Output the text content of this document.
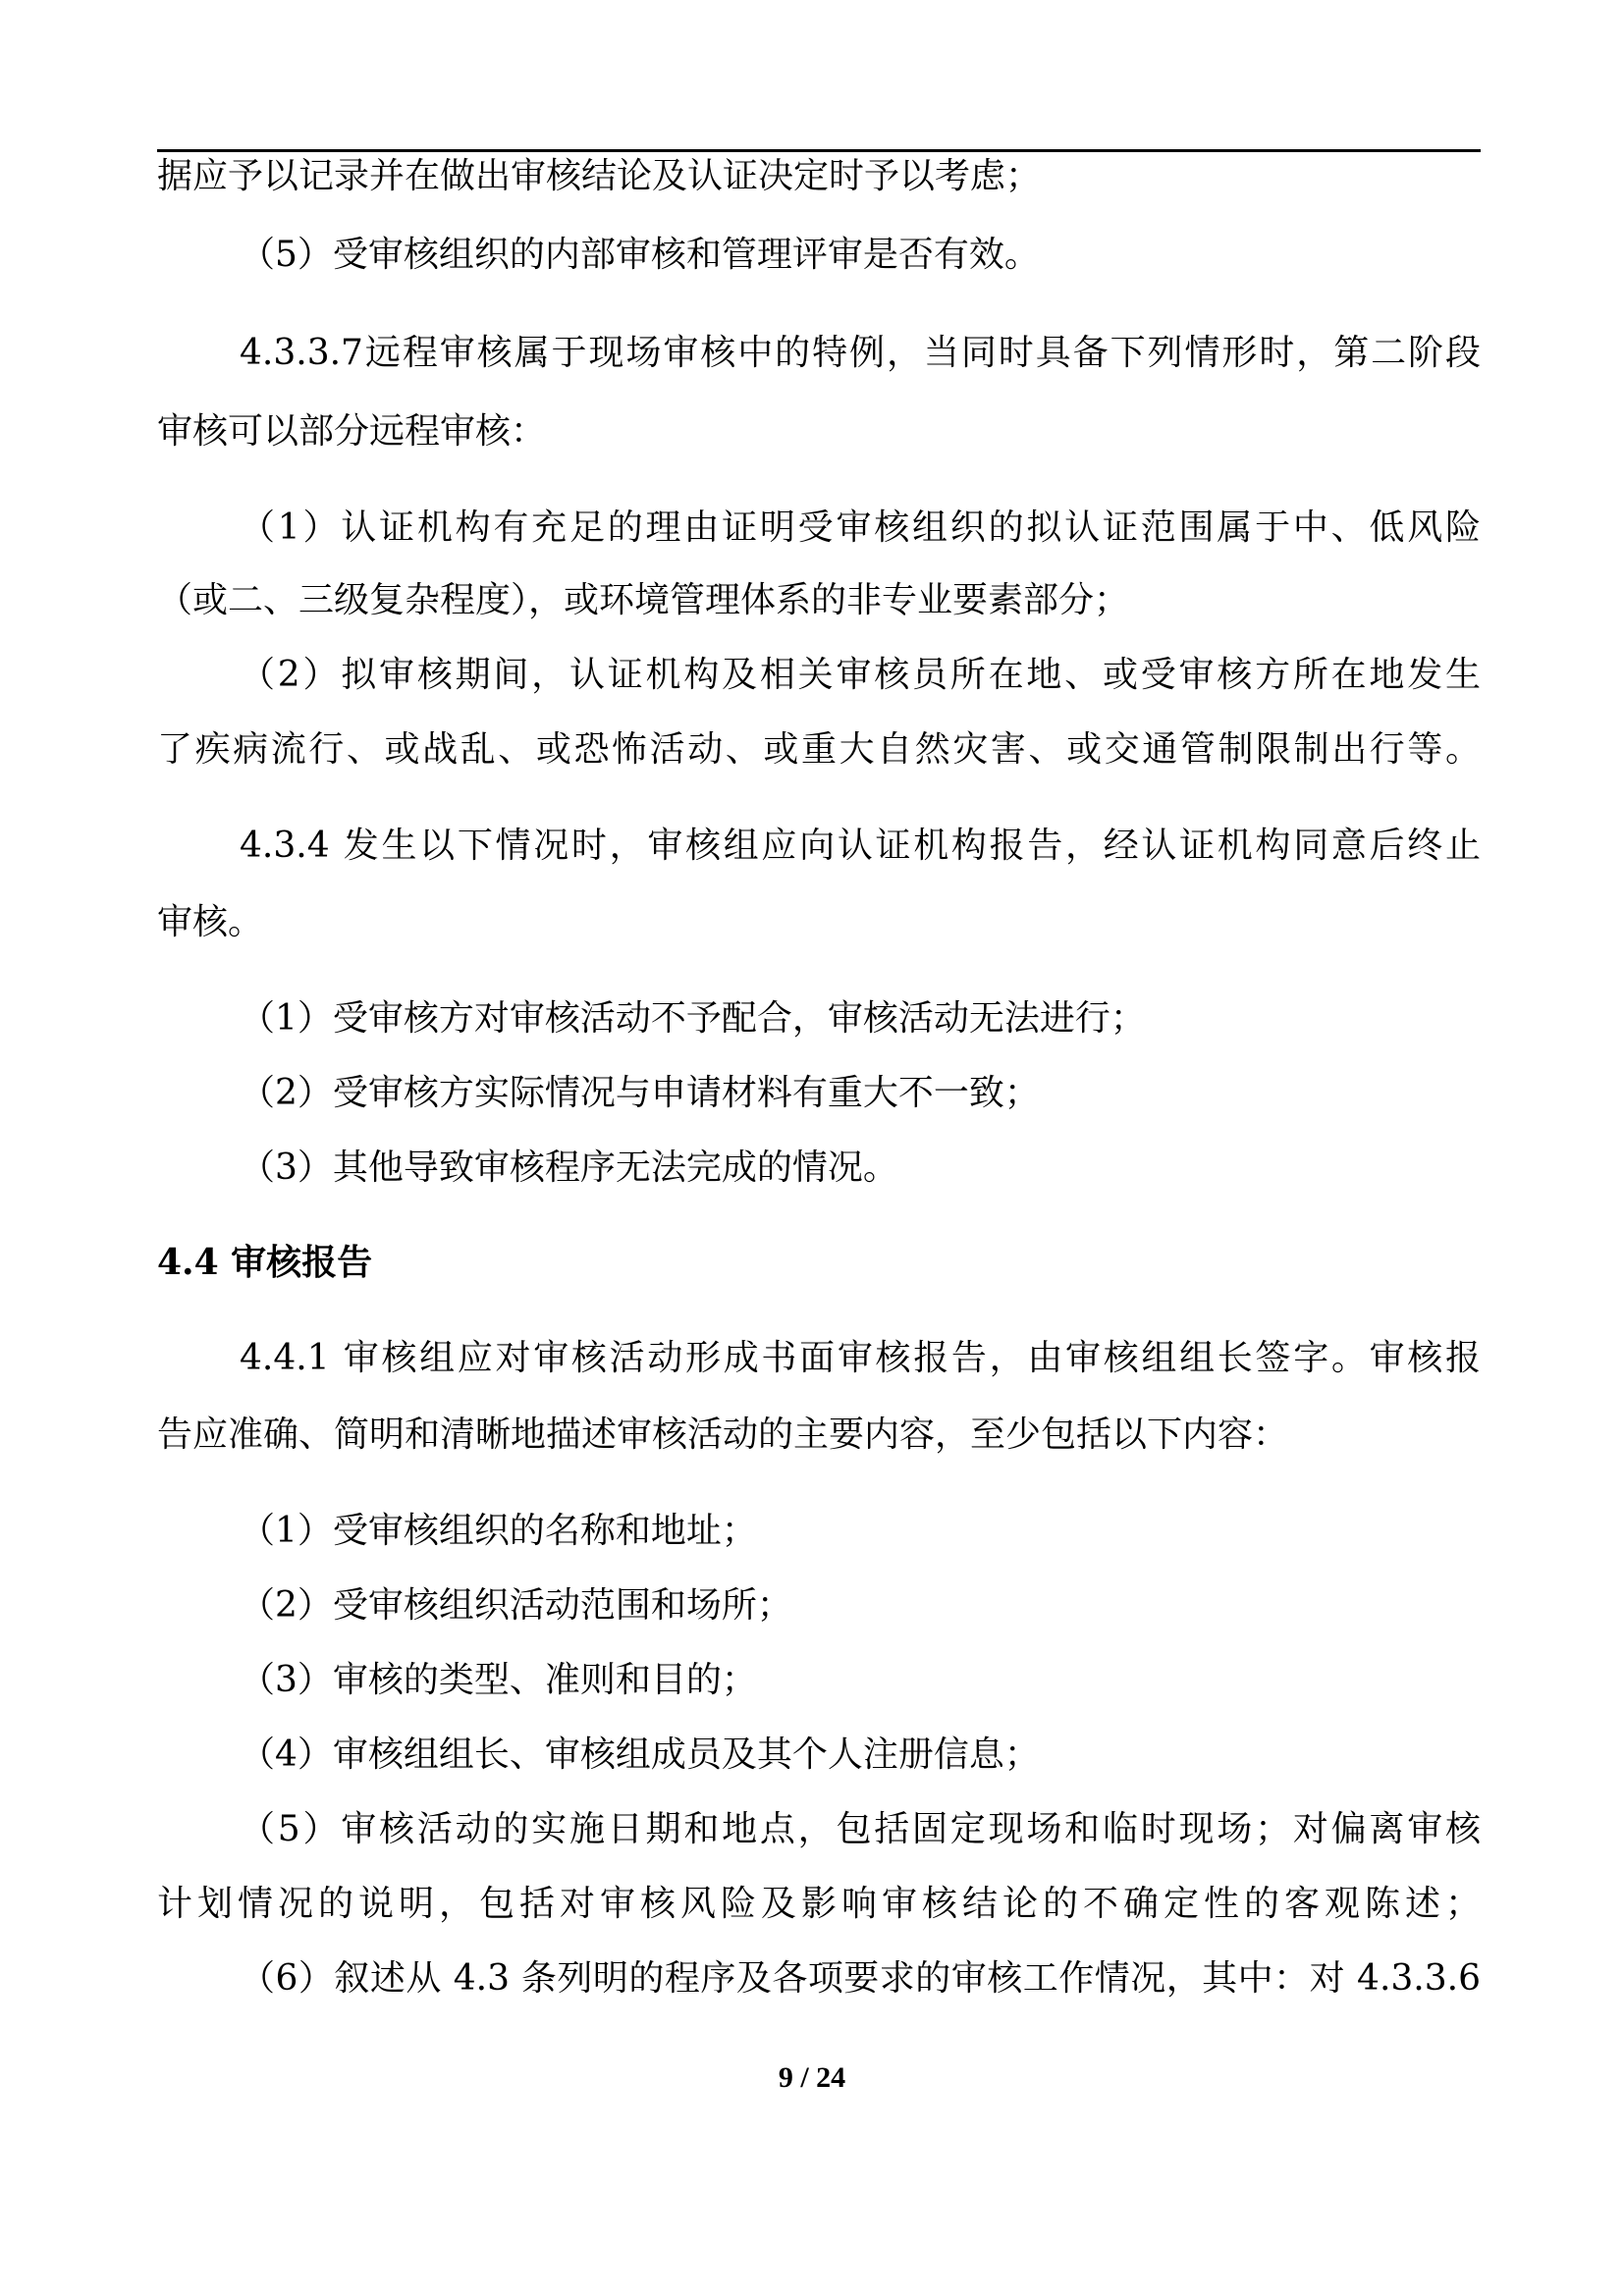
据应予以记录并在做出审核结论及认证决定时予以考虑；
（5）受审核组织的内部审核和管理评审是否有效。
4.3.3.7远程审核属于现场审核中的特例，当同时具备下列情形时，第二阶段
审核可以部分远程审核：
（1）认证机构有充足的理由证明受审核组织的拟认证范围属于中、低风险
（或二、三级复杂程度），或环境管理体系的非专业要素部分；
（2）拟审核期间，认证机构及相关审核员所在地、或受审核方所在地发生
了疾病流行、或战乱、或恐怖活动、或重大自然灾害、或交通管制限制出行等。
4.3.4 发生以下情况时，审核组应向认证机构报告，经认证机构同意后终止
审核。
（1）受审核方对审核活动不予配合，审核活动无法进行；
（2）受审核方实际情况与申请材料有重大不一致；
（3）其他导致审核程序无法完成的情况。
4.4 审核报告
4.4.1 审核组应对审核活动形成书面审核报告，由审核组组长签字。审核报
告应准确、简明和清晰地描述审核活动的主要内容，至少包括以下内容：
（1）受审核组织的名称和地址；
（2）受审核组织活动范围和场所；
（3）审核的类型、准则和目的；
（4）审核组组长、审核组成员及其个人注册信息；
（5）审核活动的实施日期和地点，包括固定现场和临时现场；对偏离审核
计划情况的说明，包括对审核风险及影响审核结论的不确定性的客观陈述；
（6）叙述从 4.3 条列明的程序及各项要求的审核工作情况，其中：对 4.3.3.6
9 / 24
